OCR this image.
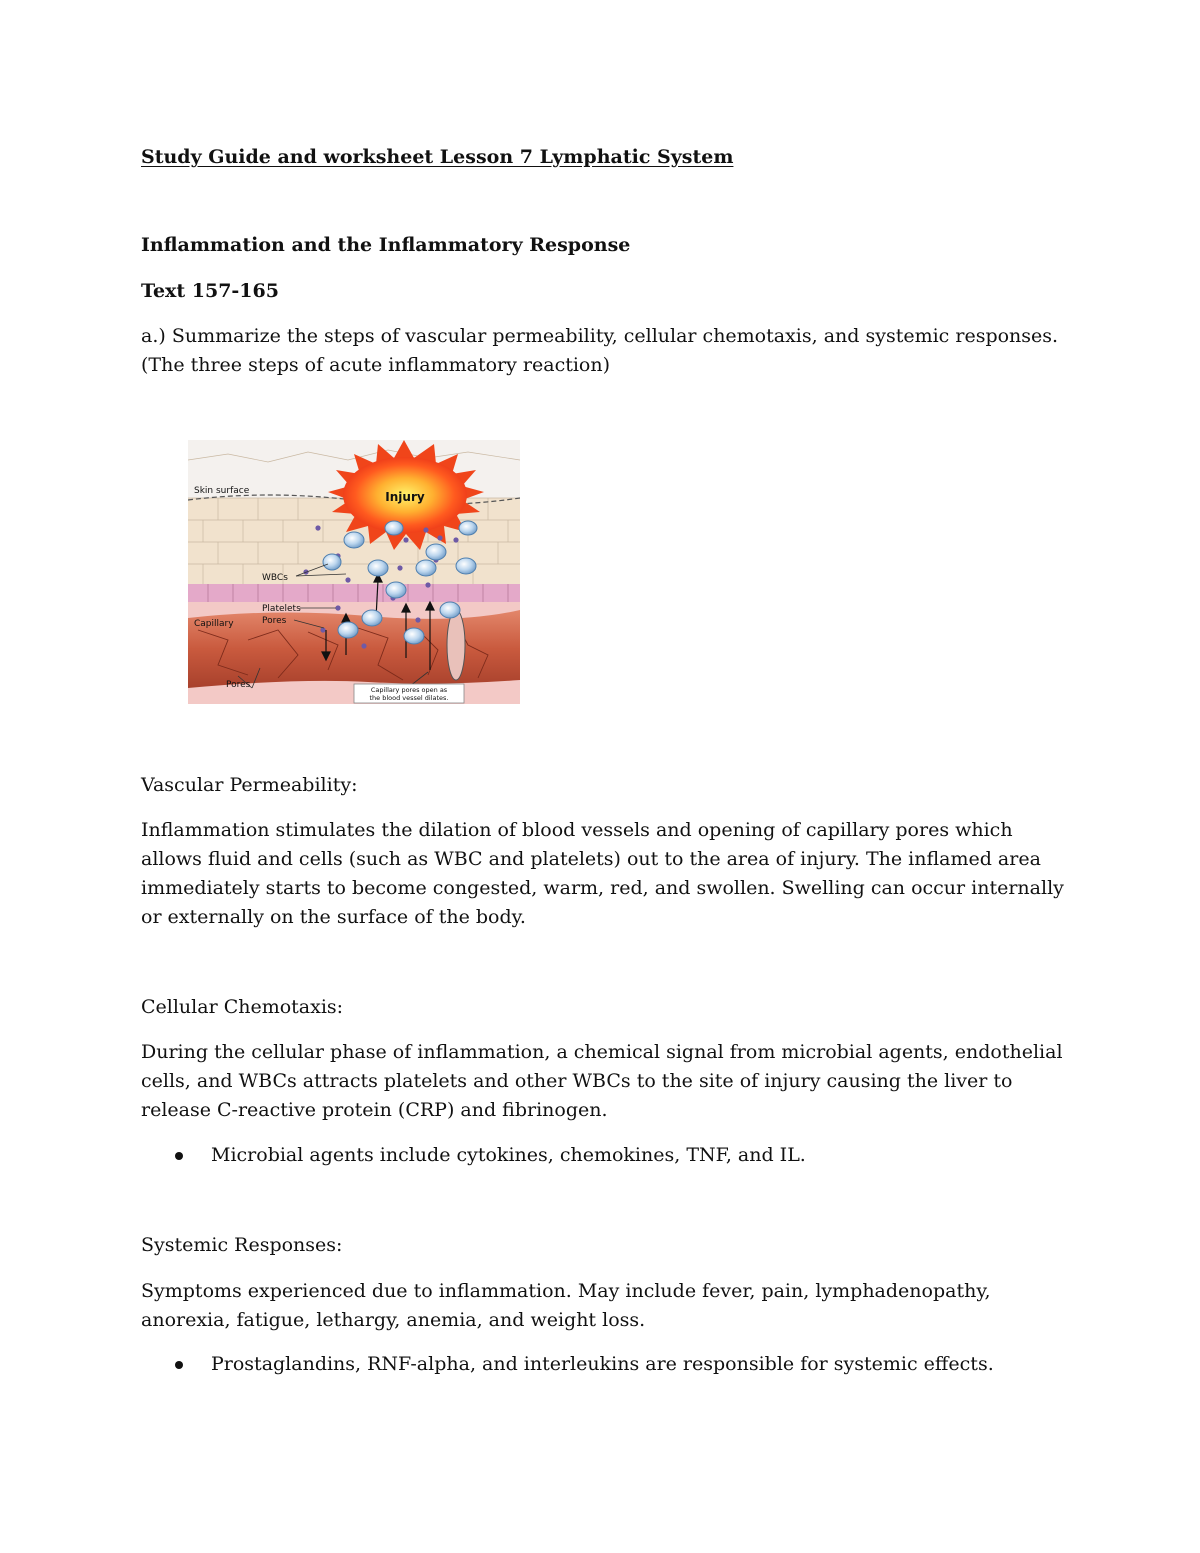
Study Guide and worksheet Lesson 7 Lymphatic System

Inflammation and the Inflammatory Response

Text 157-165

a.) Summarize the steps of vascular permeability, cellular chemotaxis, and systemic responses.
(The three steps of acute inflammatory reaction)
Injury
Skin surface
WBCs
Platelets
Pores
Capillary
Pores	Capillary pores open as
the blood vessel dilates.

Vascular Permeability:

Inflammation stimulates the dilation of blood vessels and opening of capillary pores which
allows fluid and cells (such as WBC and platelets) out to the area of injury. The inflamed area
immediately starts to become congested, warm, red, and swollen. Swelling can occur internally
or externally on the surface of the body.

Cellular Chemotaxis:

During the cellular phase of inflammation, a chemical signal from microbial agents, endothelial
cells, and WBCs attracts platelets and other WBCs to the site of injury causing the liver to
release C-reactive protein (CRP) and fibrinogen.
Microbial agents include cytokines, chemokines, TNF, and IL.

Systemic Responses:

Symptoms experienced due to inflammation. May include fever, pain, lymphadenopathy,
anorexia, fatigue, lethargy, anemia, and weight loss.
Prostaglandins, RNF-alpha, and interleukins are responsible for systemic effects.
